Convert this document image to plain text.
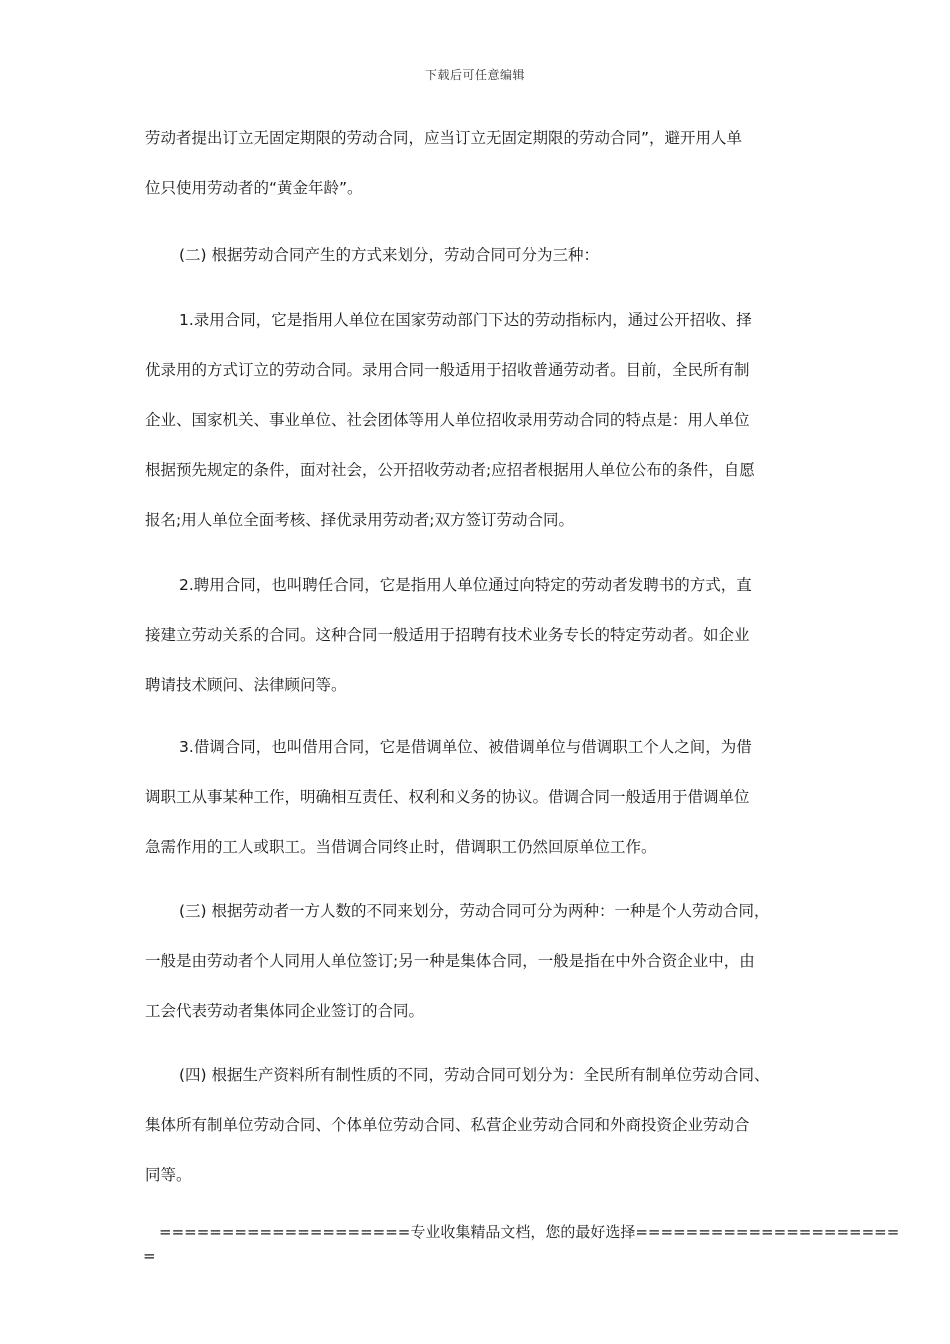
下载后可任意编辑
劳动者提出订立无固定期限的劳动合同，应当订立无固定期限的劳动合同”，避开用人单
位只使用劳动者的“黄金年龄”。
(二) 根据劳动合同产生的方式来划分，劳动合同可分为三种：
1.录用合同，它是指用人单位在国家劳动部门下达的劳动指标内，通过公开招收、择
优录用的方式订立的劳动合同。录用合同一般适用于招收普通劳动者。目前，全民所有制
企业、国家机关、事业单位、社会团体等用人单位招收录用劳动合同的特点是：用人单位
根据预先规定的条件，面对社会，公开招收劳动者;应招者根据用人单位公布的条件，自愿
报名;用人单位全面考核、择优录用劳动者;双方签订劳动合同。
2.聘用合同，也叫聘任合同，它是指用人单位通过向特定的劳动者发聘书的方式，直
接建立劳动关系的合同。这种合同一般适用于招聘有技术业务专长的特定劳动者。如企业
聘请技术顾问、法律顾问等。
3.借调合同，也叫借用合同，它是借调单位、被借调单位与借调职工个人之间，为借
调职工从事某种工作，明确相互责任、权利和义务的协议。借调合同一般适用于借调单位
急需作用的工人或职工。当借调合同终止时，借调职工仍然回原单位工作。
(三) 根据劳动者一方人数的不同来划分，劳动合同可分为两种：一种是个人劳动合同，
一般是由劳动者个人同用人单位签订;另一种是集体合同，一般是指在中外合资企业中，由
工会代表劳动者集体同企业签订的合同。
(四) 根据生产资料所有制性质的不同，劳动合同可划分为：全民所有制单位劳动合同、
集体所有制单位劳动合同、个体单位劳动合同、私营企业劳动合同和外商投资企业劳动合
同等。
====================专业收集精品文档，您的最好选择=====================
=
